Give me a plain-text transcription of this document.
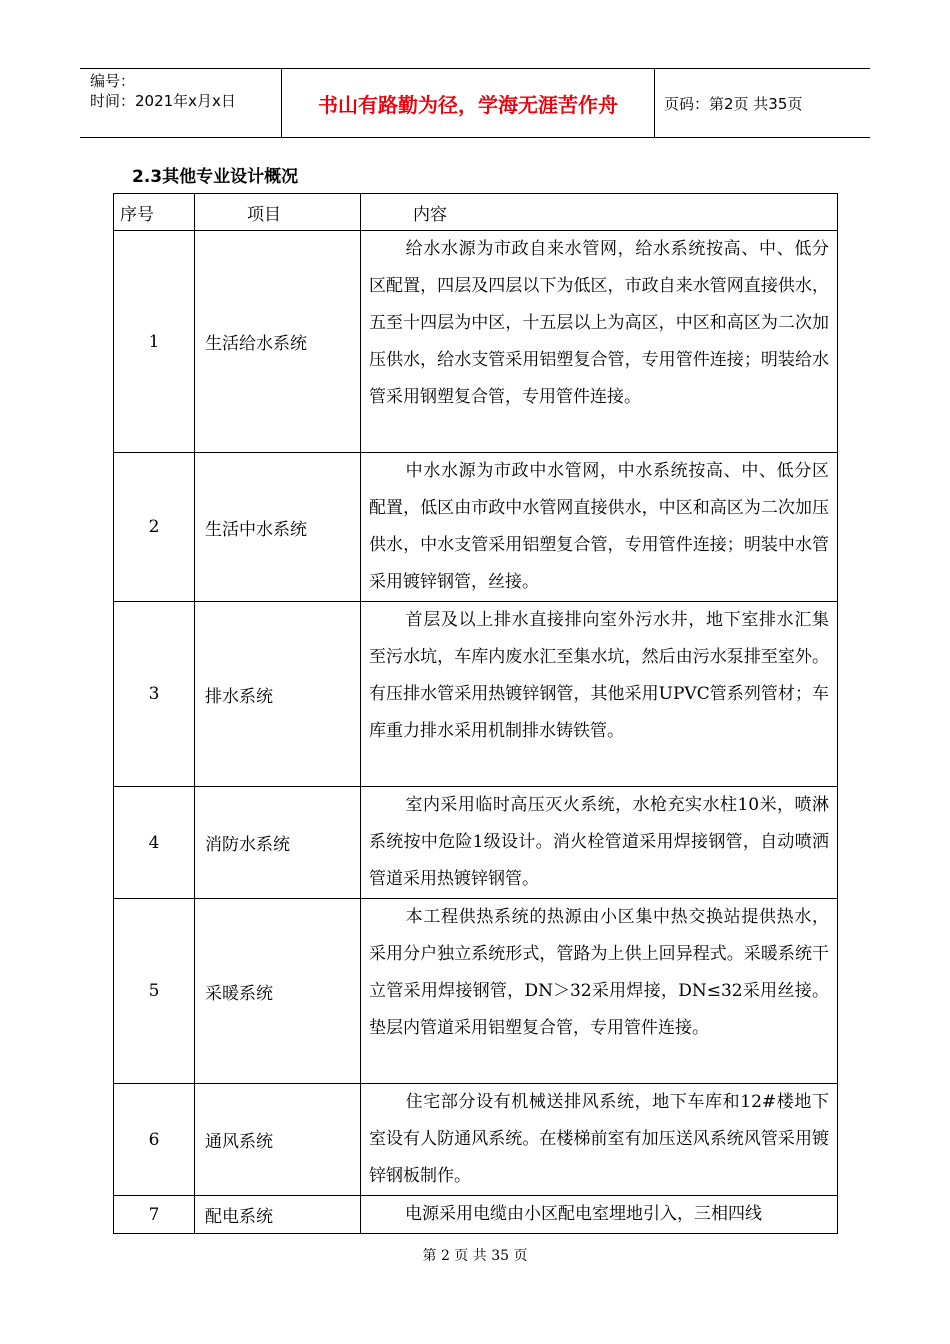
编号：
时间：2021年x月x日	书山有路勤为径，学海无涯苦作舟	页码：第2页 共35页
2.3其他专业设计概况
序号	项目	内容
1	生活给水系统	给水水源为市政自来水管网，给水系统按高、中、低分区配置，四层及四层以下为低区，市政自来水管网直接供水，五至十四层为中区，十五层以上为高区，中区和高区为二次加压供水，给水支管采用铝塑复合管，专用管件连接；明装给水管采用钢塑复合管，专用管件连接。
2	生活中水系统	中水水源为市政中水管网，中水系统按高、中、低分区配置，低区由市政中水管网直接供水，中区和高区为二次加压供水，中水支管采用铝塑复合管，专用管件连接；明装中水管采用镀锌钢管，丝接。
3	排水系统	首层及以上排水直接排向室外污水井，地下室排水汇集至污水坑，车库内废水汇至集水坑，然后由污水泵排至室外。有压排水管采用热镀锌钢管，其他采用UPVC管系列管材；车库重力排水采用机制排水铸铁管。
4	消防水系统	室内采用临时高压灭火系统，水枪充实水柱10米，喷淋系统按中危险1级设计。消火栓管道采用焊接钢管，自动喷洒管道采用热镀锌钢管。
5	采暖系统	本工程供热系统的热源由小区集中热交换站提供热水，采用分户独立系统形式，管路为上供上回异程式。采暖系统干立管采用焊接钢管，DN＞32采用焊接，DN≤32采用丝接。垫层内管道采用铝塑复合管，专用管件连接。
6	通风系统	住宅部分设有机械送排风系统，地下车库和12#楼地下室设有人防通风系统。在楼梯前室有加压送风系统风管采用镀锌钢板制作。
7	配电系统	电源采用电缆由小区配电室埋地引入，三相四线
第 2 页 共 35 页
